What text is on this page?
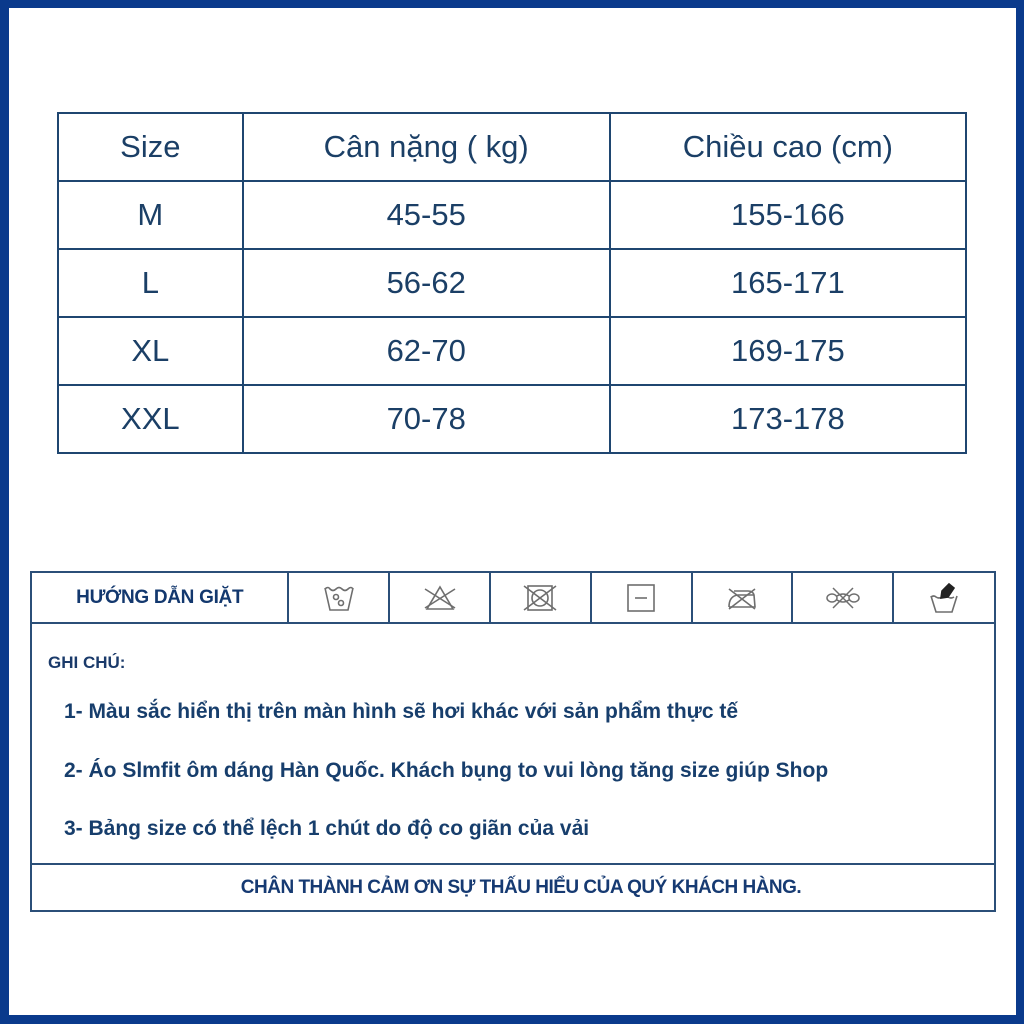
Size	Cân nặng ( kg)	Chiều cao (cm)
M	45-55	155-166
L	56-62	165-171
XL	62-70	169-175
XXL	70-78	173-178
HƯỚNG DẪN GIẶT
GHI CHÚ:
1- Màu sắc hiển thị trên màn hình sẽ hơi khác với sản phẩm thực tế
2- Áo Slmfit ôm dáng Hàn Quốc. Khách bụng to vui lòng tăng size giúp Shop
3- Bảng size có thể lệch 1 chút do độ co giãn của vải
CHÂN THÀNH CẢM ƠN SỰ THẤU HIỂU CỦA QUÝ KHÁCH HÀNG.
